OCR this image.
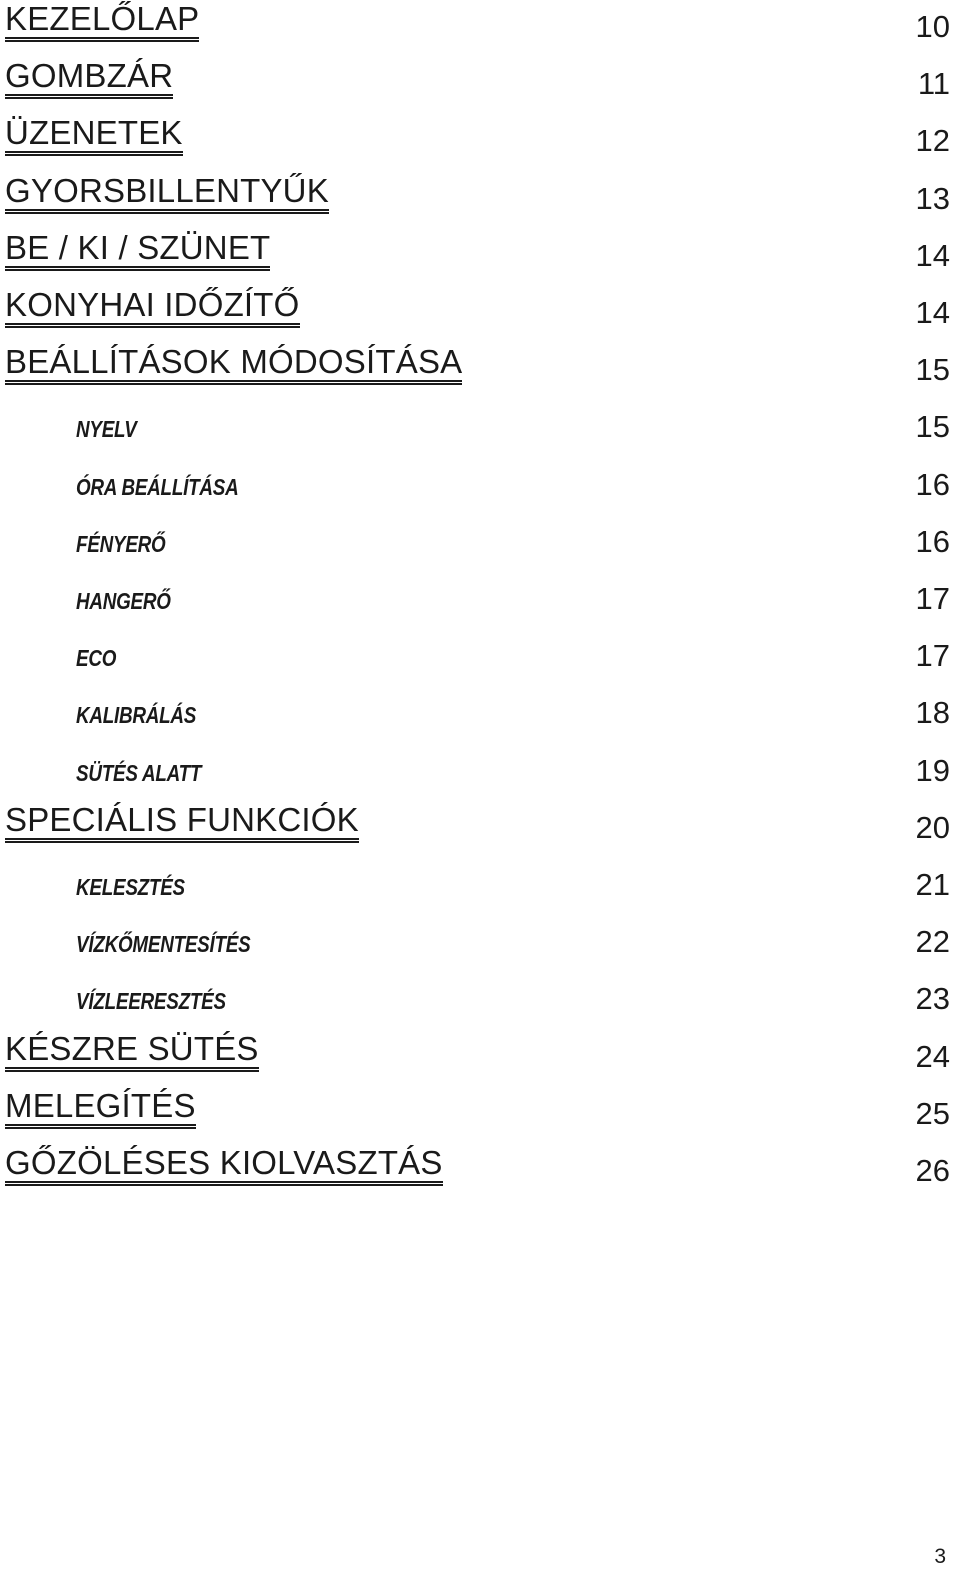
KEZELŐLAP	10
GOMBZÁR	11
ÜZENETEK	12
GYORSBILLENTYŰK	13
BE / KI / SZÜNET	14
KONYHAI IDŐZÍTŐ	14
BEÁLLÍTÁSOK MÓDOSÍTÁSA	15
NYELV	15
ÓRA BEÁLLÍTÁSA	16
FÉNYERŐ	16
HANGERŐ	17
ECO	17
KALIBRÁLÁS	18
SÜTÉS ALATT	19
SPECIÁLIS FUNKCIÓK	20
KELESZTÉS	21
VÍZKŐMENTESÍTÉS	22
VÍZLEERESZTÉS	23
KÉSZRE SÜTÉS	24
MELEGÍTÉS	25
GŐZÖLÉSES KIOLVASZTÁS	26
3
